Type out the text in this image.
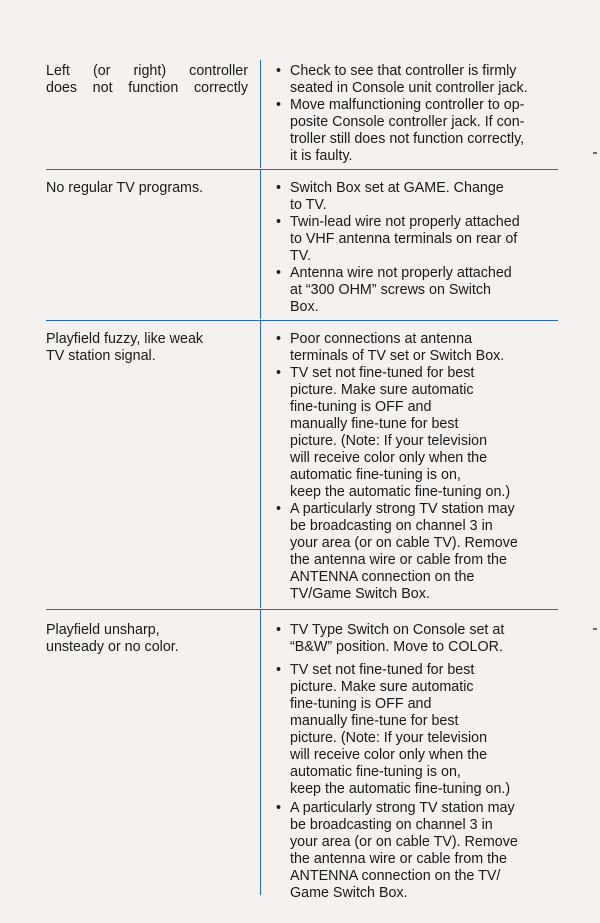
Left (or right) controller
does not function correctly
• Check to see that controller is firmly
seated in Console unit controller jack.
• Move malfunctioning controller to op-
posite Console controller jack. If con-
troller still does not function correctly,
it is faulty.
No regular TV programs.	• Switch Box set at GAME. Change
to TV.
• Twin-lead wire not properly attached
to VHF antenna terminals on rear of
TV.
• Antenna wire not properly attached
at “300 OHM” screws on Switch
Box.
Playfield fuzzy, like weak
TV station signal.
• Poor connections at antenna
terminals of TV set or Switch Box.
• TV set not fine-tuned for best
picture. Make sure automatic
fine-tuning is OFF and
manually fine-tune for best
picture. (Note: If your television
will receive color only when the
automatic fine-tuning is on,
keep the automatic fine-tuning on.)
• A particularly strong TV station may
be broadcasting on channel 3 in
your area (or on cable TV). Remove
the antenna wire or cable from the
ANTENNA connection on the
TV/Game Switch Box.
Playfield unsharp,
unsteady or no color.
• TV Type Switch on Console set at
“B&W” position. Move to COLOR.
• TV set not fine-tuned for best
picture. Make sure automatic
fine-tuning is OFF and
manually fine-tune for best
picture. (Note: If your television
will receive color only when the
automatic fine-tuning is on,
keep the automatic fine-tuning on.)
• A particularly strong TV station may
be broadcasting on channel 3 in
your area (or on cable TV). Remove
the antenna wire or cable from the
ANTENNA connection on the TV/
Game Switch Box.
